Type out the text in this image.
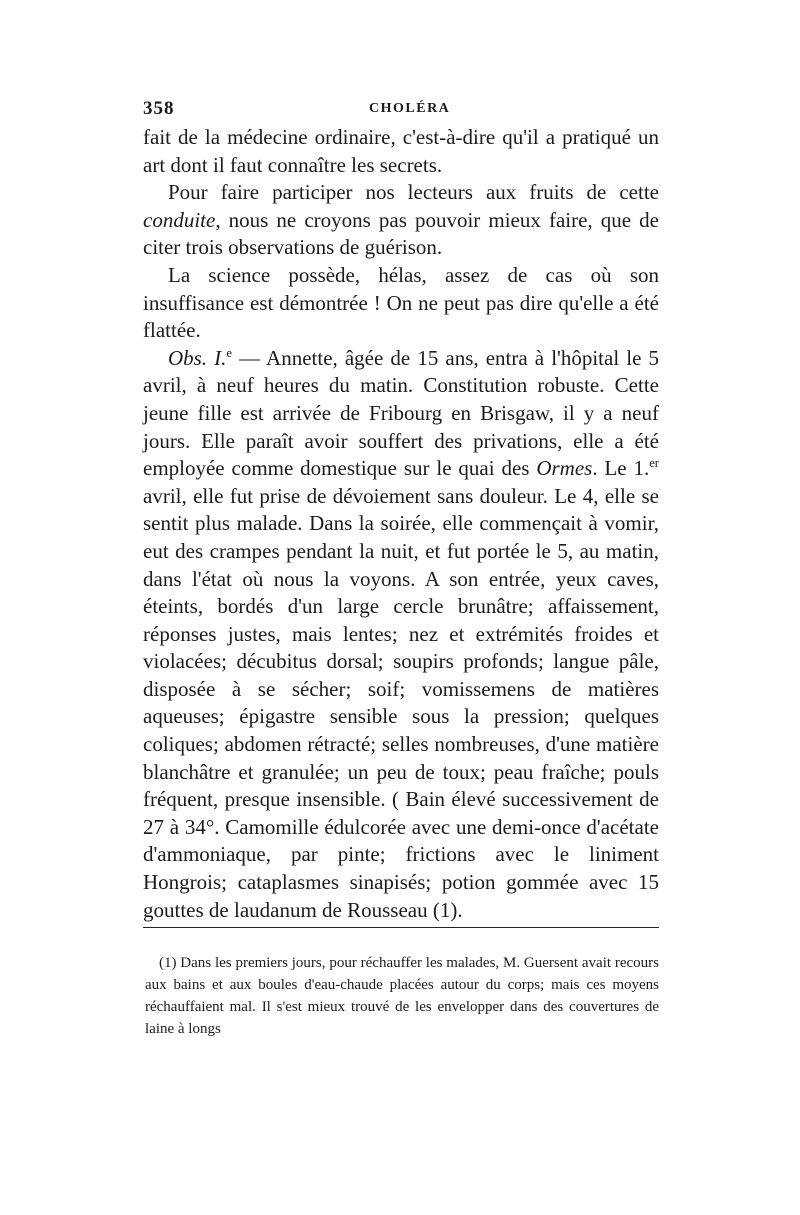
358	CHOLÉRA

fait de la médecine ordinaire, c'est-à-dire qu'il a pratiqué un art dont il faut connaître les secrets.

Pour faire participer nos lecteurs aux fruits de cette conduite, nous ne croyons pas pouvoir mieux faire, que de citer trois observations de guérison.

La science possède, hélas, assez de cas où son insuffisance est démontrée ! On ne peut pas dire qu'elle a été flattée.

Obs. I.$^e$ — Annette, âgée de 15 ans, entra à l'hôpital le 5 avril, à neuf heures du matin. Constitution robuste. Cette jeune fille est arrivée de Fribourg en Brisgaw, il y a neuf jours. Elle paraît avoir souffert des privations, elle a été employée comme domestique sur le quai des Ormes. Le 1.$^{er}$ avril, elle fut prise de dévoiement sans douleur. Le 4, elle se sentit plus malade. Dans la soirée, elle commençait à vomir, eut des crampes pendant la nuit, et fut portée le 5, au matin, dans l'état où nous la voyons. A son entrée, yeux caves, éteints, bordés d'un large cercle brunâtre; affaissement, réponses justes, mais lentes; nez et extrémités froides et violacées; décubitus dorsal; soupirs profonds; langue pâle, disposée à se sécher; soif; vomissemens de matières aqueuses; épigastre sensible sous la pression; quelques coliques; abdomen rétracté; selles nombreuses, d'une matière blanchâtre et granulée; un peu de toux; peau fraîche; pouls fréquent, presque insensible. ( Bain élevé successivement de 27 à 34°. Camomille édulcorée avec une demi-once d'acétate d'ammoniaque, par pinte; frictions avec le liniment Hongrois; cataplasmes sinapisés; potion gommée avec 15 gouttes de laudanum de Rousseau (1).

(1) Dans les premiers jours, pour réchauffer les malades, M. Guersent avait recours aux bains et aux boules d'eau-chaude placées autour du corps; mais ces moyens réchauffaient mal. Il s'est mieux trouvé de les envelopper dans des couvertures de laine à longs
